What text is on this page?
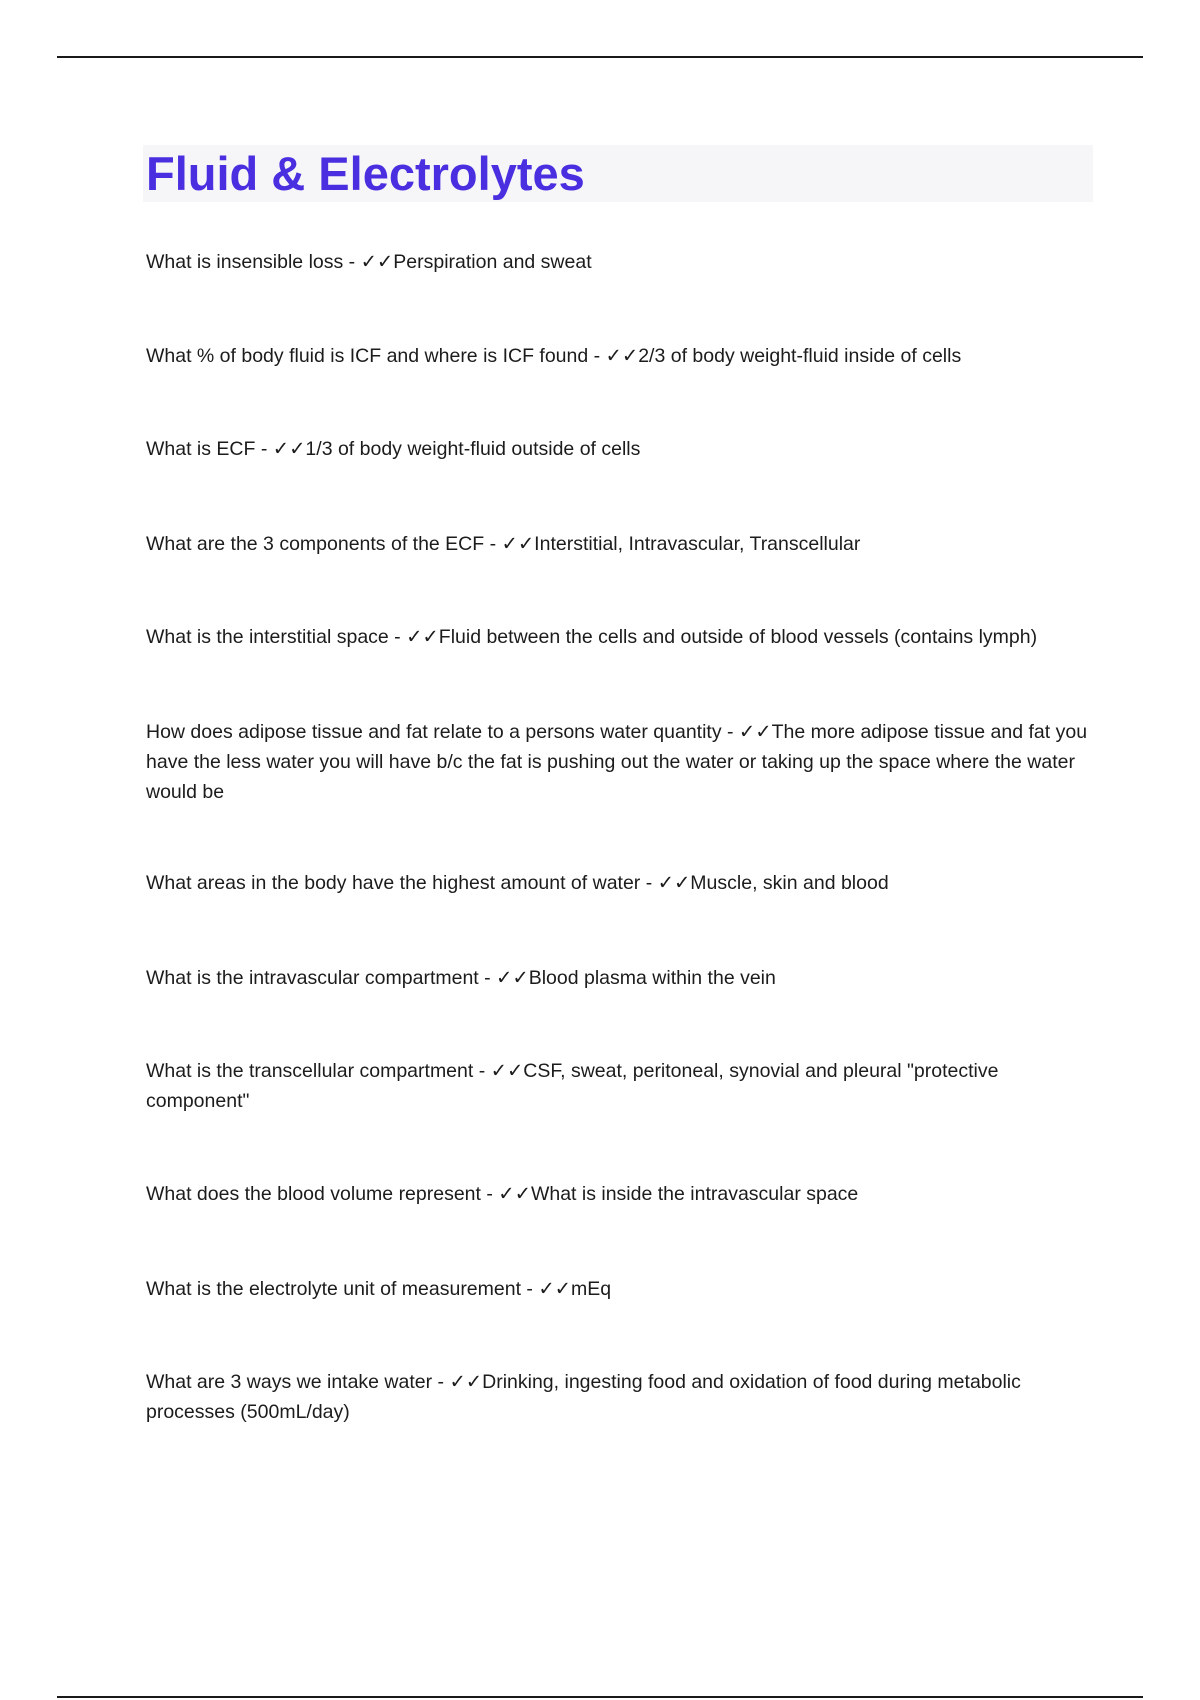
Fluid & Electrolytes

What is insensible loss - ✓✓Perspiration and sweat

What % of body fluid is ICF and where is ICF found - ✓✓2/3 of body weight-fluid inside of cells

What is ECF - ✓✓1/3 of body weight-fluid outside of cells

What are the 3 components of the ECF - ✓✓Interstitial, Intravascular, Transcellular

What is the interstitial space - ✓✓Fluid between the cells and outside of blood vessels (contains lymph)

How does adipose tissue and fat relate to a persons water quantity - ✓✓The more adipose tissue and fat you have the less water you will have b/c the fat is pushing out the water or taking up the space where the water would be

What areas in the body have the highest amount of water - ✓✓Muscle, skin and blood

What is the intravascular compartment - ✓✓Blood plasma within the vein

What is the transcellular compartment - ✓✓CSF, sweat, peritoneal, synovial and pleural "protective component"

What does the blood volume represent - ✓✓What is inside the intravascular space

What is the electrolyte unit of measurement - ✓✓mEq

What are 3 ways we intake water - ✓✓Drinking, ingesting food and oxidation of food during metabolic processes (500mL/day)
